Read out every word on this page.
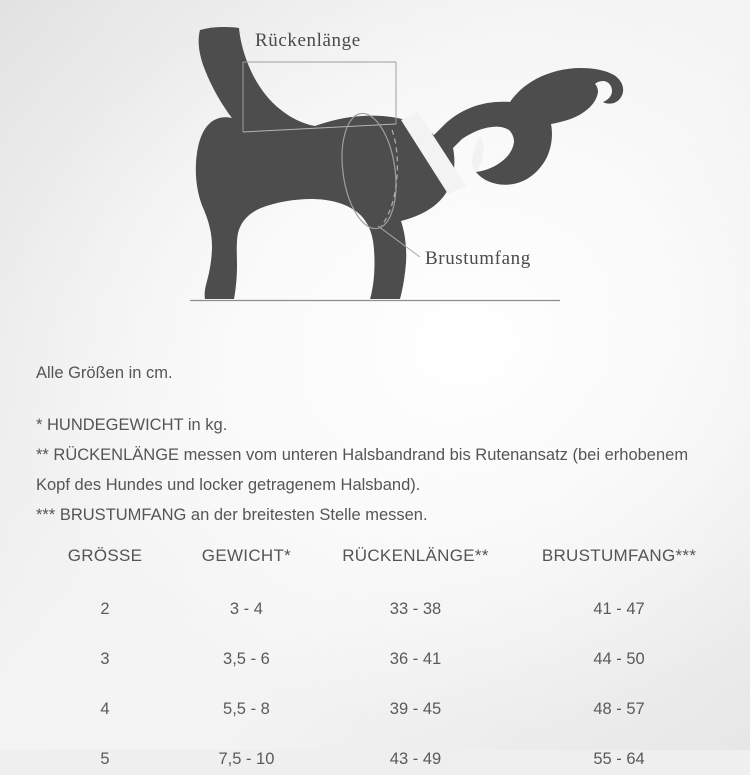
Rückenlänge
Brustumfang

Alle Größen in cm.

* HUNDEGEWICHT in kg.

** RÜCKENLÄNGE messen vom unteren Halsbandrand bis Rutenansatz (bei erhobenem Kopf des Hundes und locker getragenem Halsband).

*** BRUSTUMFANG an der breitesten Stelle messen.

GRÖSSE	GEWICHT*	RÜCKENLÄNGE**	BRUSTUMFANG***
2	3 - 4	33 - 38	41 - 47
3	3,5 - 6	36 - 41	44 - 50
4	5,5 - 8	39 - 45	48 - 57
5	7,5 - 10	43 - 49	55 - 64
